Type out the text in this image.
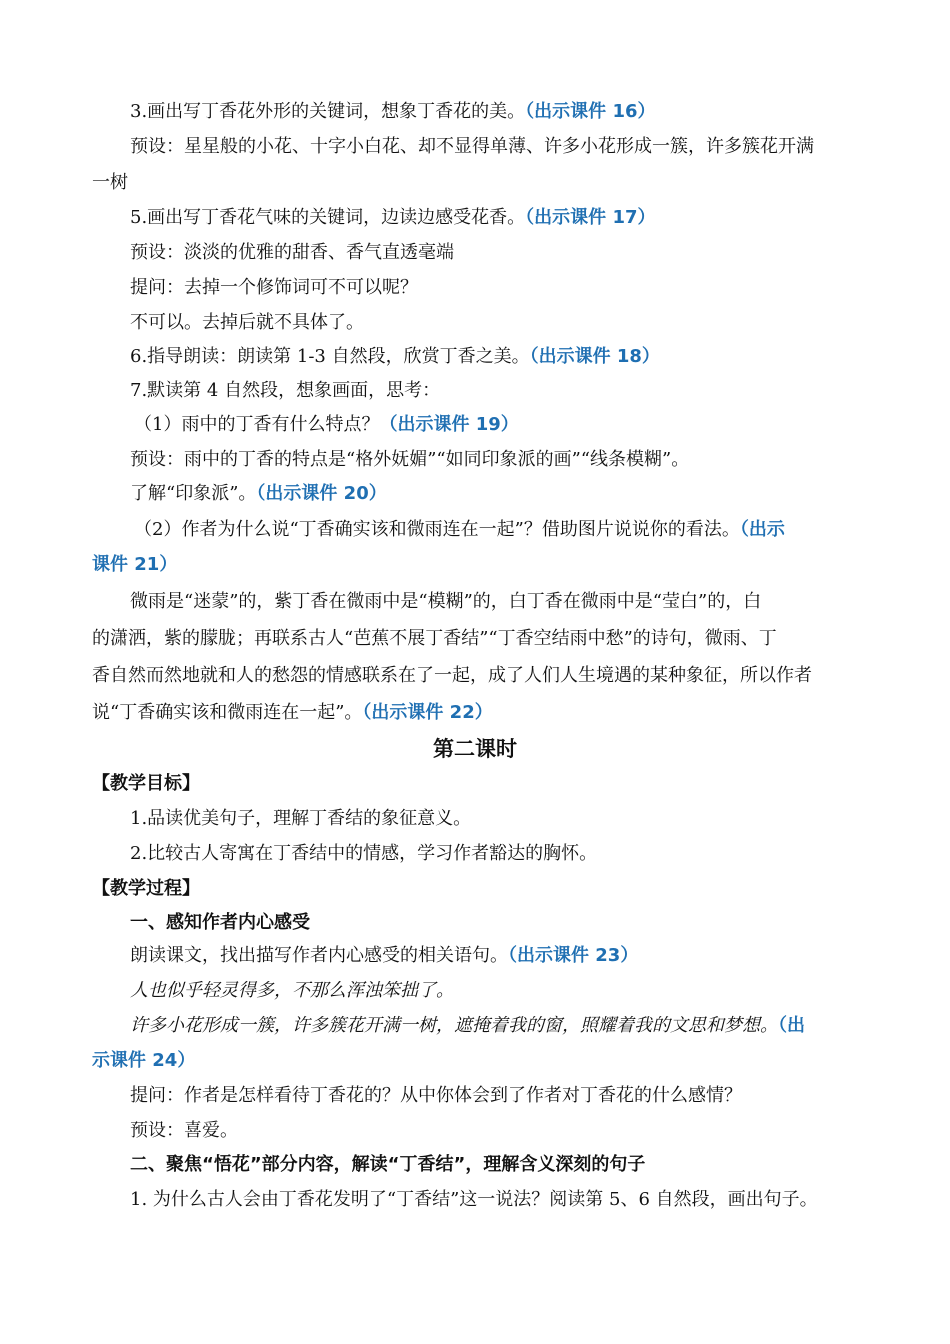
3.画出写丁香花外形的关键词，想象丁香花的美。（出示课件 16）
预设：星星般的小花、十字小白花、却不显得单薄、许多小花形成一簇，许多簇花开满
一树
5.画出写丁香花气味的关键词，边读边感受花香。（出示课件 17）
预设：淡淡的优雅的甜香、香气直透毫端
提问：去掉一个修饰词可不可以呢？
不可以。去掉后就不具体了。
6.指导朗读：朗读第 1-3 自然段，欣赏丁香之美。（出示课件 18）
7.默读第 4 自然段，想象画面，思考：
（1）雨中的丁香有什么特点？（出示课件 19）
预设：雨中的丁香的特点是“格外妩媚”“如同印象派的画”“线条模糊”。
了解“印象派”。（出示课件 20）
（2）作者为什么说“丁香确实该和微雨连在一起”？借助图片说说你的看法。（出示
课件 21）
微雨是“迷蒙”的，紫丁香在微雨中是“模糊”的，白丁香在微雨中是“莹白”的，白
的潇洒，紫的朦胧；再联系古人“芭蕉不展丁香结”“丁香空结雨中愁”的诗句，微雨、丁
香自然而然地就和人的愁怨的情感联系在了一起，成了人们人生境遇的某种象征，所以作者
说“丁香确实该和微雨连在一起”。（出示课件 22）
第二课时
【教学目标】
1.品读优美句子，理解丁香结的象征意义。
2.比较古人寄寓在丁香结中的情感，学习作者豁达的胸怀。
【教学过程】
一、感知作者内心感受
朗读课文，找出描写作者内心感受的相关语句。（出示课件 23）
人也似乎轻灵得多，不那么浑浊笨拙了。
许多小花形成一簇，许多簇花开满一树，遮掩着我的窗，照耀着我的文思和梦想。（出
示课件 24）
提问：作者是怎样看待丁香花的？从中你体会到了作者对丁香花的什么感情？
预设：喜爱。
二、聚焦“悟花”部分内容，解读“丁香结”，理解含义深刻的句子
1. 为什么古人会由丁香花发明了“丁香结”这一说法？阅读第 5、6 自然段，画出句子。
